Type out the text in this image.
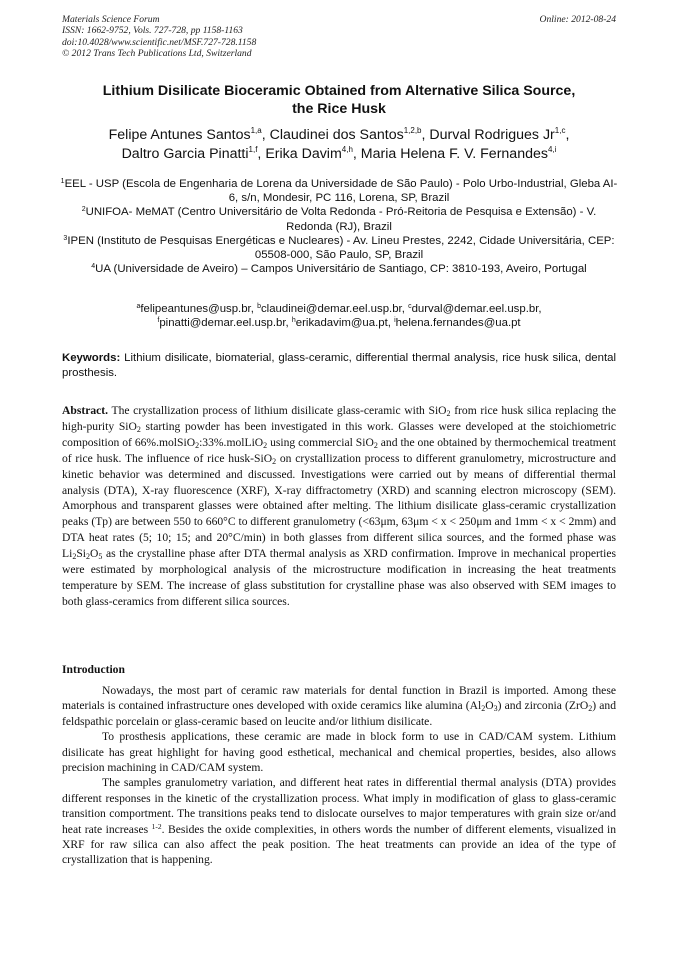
Materials Science Forum
ISSN: 1662-9752, Vols. 727-728, pp 1158-1163
doi:10.4028/www.scientific.net/MSF.727-728.1158
© 2012 Trans Tech Publications Ltd, Switzerland
Online: 2012-08-24
Lithium Disilicate Bioceramic Obtained from Alternative Silica Source,
the Rice Husk
Felipe Antunes Santos$^{1,a}$, Claudinei dos Santos$^{1,2,b}$, Durval Rodrigues Jr$^{1,c}$,
Daltro Garcia Pinatti$^{1,f}$, Erika Davim$^{4,h}$, Maria Helena F. V. Fernandes$^{4,i}$
$^1$EEL - USP (Escola de Engenharia de Lorena da Universidade de São Paulo) - Polo Urbo-Industrial, Gleba AI-6, s/n, Mondesir, PC 116, Lorena, SP, Brazil
$^2$UNIFOA- MeMAT (Centro Universitário de Volta Redonda - Pró-Reitoria de Pesquisa e Extensão) - V. Redonda (RJ), Brazil
$^3$IPEN (Instituto de Pesquisas Energéticas e Nucleares) - Av. Lineu Prestes, 2242, Cidade Universitária, CEP: 05508-000, São Paulo, SP, Brazil
$^4$UA (Universidade de Aveiro) – Campos Universitário de Santiago, CP: 3810-193, Aveiro, Portugal
$^a$felipeantunes@usp.br, $^b$claudinei@demar.eel.usp.br, $^c$durval@demar.eel.usp.br,
$^f$pinatti@demar.eel.usp.br, $^h$erikadavim@ua.pt, $^i$helena.fernandes@ua.pt
Keywords: Lithium disilicate, biomaterial, glass-ceramic, differential thermal analysis, rice husk silica, dental prosthesis.
Abstract. The crystallization process of lithium disilicate glass-ceramic with SiO$_2$ from rice husk silica replacing the high-purity SiO$_2$ starting powder has been investigated in this work. Glasses were developed at the stoichiometric composition of 66%.molSiO$_2$:33%.molLiO$_2$ using commercial SiO$_2$ and the one obtained by thermochemical treatment of rice husk. The influence of rice husk-SiO$_2$ on crystallization process to different granulometry, microstructure and kinetic behavior was determined and discussed. Investigations were carried out by means of differential thermal analysis (DTA), X-ray fluorescence (XRF), X-ray diffractometry (XRD) and scanning electron microscopy (SEM). Amorphous and transparent glasses were obtained after melting. The lithium disilicate glass-ceramic crystallization peaks (Tp) are between 550 to 660°C to different granulometry (<63μm, 63μm < x < 250μm and 1mm < x < 2mm) and DTA heat rates (5; 10; 15; and 20°C/min) in both glasses from different silica sources, and the formed phase was $Li_2Si_2O_5$ as the crystalline phase after DTA thermal analysis as XRD confirmation. Improve in mechanical properties were estimated by morphological analysis of the microstructure modification in increasing the heat treatments temperature by SEM. The increase of glass substitution for crystalline phase was also observed with SEM images to both glass-ceramics from different silica sources.
Introduction

Nowadays, the most part of ceramic raw materials for dental function in Brazil is imported. Among these materials is contained infrastructure ones developed with oxide ceramics like alumina $(Al_2O_3)$ and zirconia (ZrO$_2$) and feldspathic porcelain or glass-ceramic based on leucite and/or lithium disilicate.

To prosthesis applications, these ceramic are made in block form to use in CAD/CAM system. Lithium disilicate has great highlight for having good esthetical, mechanical and chemical properties, besides, also allows precision machining in CAD/CAM system.

The samples granulometry variation, and different heat rates in differential thermal analysis (DTA) provides different responses in the kinetic of the crystallization process. What imply in modification of glass to glass-ceramic transition comportment. The transitions peaks tend to dislocate ourselves to major temperatures with grain size or/and heat rate increases $^{1-2}$. Besides the oxide complexities, in others words the number of different elements, visualized in XRF for raw silica can also affect the peak position. The heat treatments can provide an idea of the type of crystallization that is happening.
